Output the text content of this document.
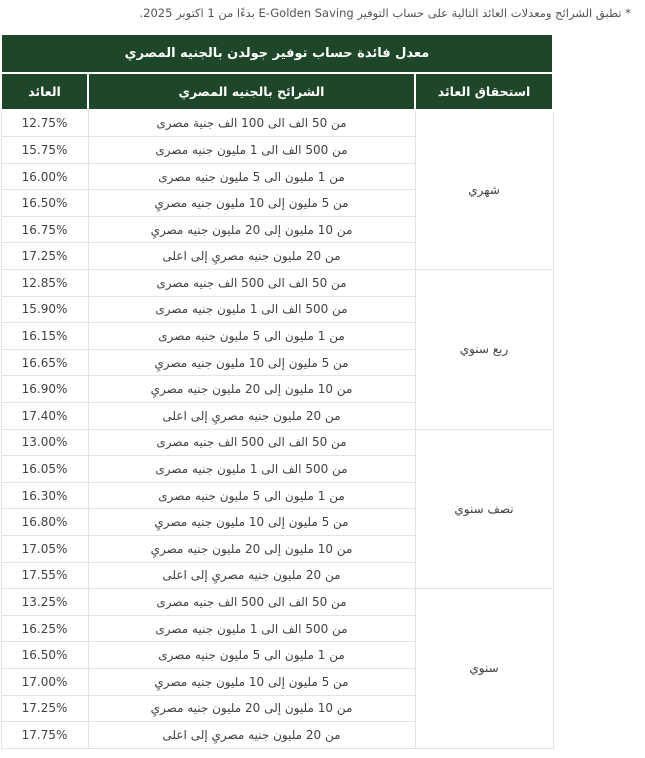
* تطبق الشرائح ومعدلات العائد التالية على حساب التوفير E-Golden Saving بدءًا من 1 اكتوبر 2025.

معدل فائدة حساب توفير جولدن بالجنيه المصري		
استحقاق العائد	الشرائح بالجنيه المصري	العائد
شهري	من 50 الف الى 100 الف جنية مصرى	12.75%
	من 500 الف الى 1 مليون جنيه مصرى	15.75%
	من 1 مليون الى 5 مليون جنيه مصرى	16.00%
	من 5 مليون إلى 10 مليون جنيه مصريِ	16.50%
	من 10 مليون إلى 20 مليون جنيه مصريِ	16.75%
	من 20 مليون جنيه مصريِ إلى اعلى	17.25%
ربع سنوي	من 50 الف الى 500 الف جنيه مصرى	12.85%
	من 500 الف الى 1 مليون جنيه مصرى	15.90%
	من 1 مليون الى 5 مليون جنيه مصرى	16.15%
	من 5 مليون إلى 10 مليون جنيه مصريِ	16.65%
	من 10 مليون إلى 20 مليون جنيه مصريِ	16.90%
	من 20 مليون جنيه مصريِ إلى اعلى	17.40%
نصف سنوي	من 50 الف الى 500 الف جنيه مصرى	13.00%
	من 500 الف الى 1 مليون جنيه مصرى	16.05%
	من 1 مليون الى 5 مليون جنيه مصرى	16.30%
	من 5 مليون إلى 10 مليون جنيه مصريِ	16.80%
	من 10 مليون إلى 20 مليون جنيه مصريِ	17.05%
	من 20 مليون جنيه مصريِ إلى اعلى	17.55%
سنوي	من 50 الف الى 500 الف جنيه مصرى	13.25%
	من 500 الف الى 1 مليون جنيه مصرى	16.25%
	من 1 مليون الى 5 مليون جنيه مصرى	16.50%
	من 5 مليون إلى 10 مليون جنيه مصريِ	17.00%
	من 10 مليون إلى 20 مليون جنيه مصريِ	17.25%
	من 20 مليون جنيه مصريِ إلى اعلى	17.75%
